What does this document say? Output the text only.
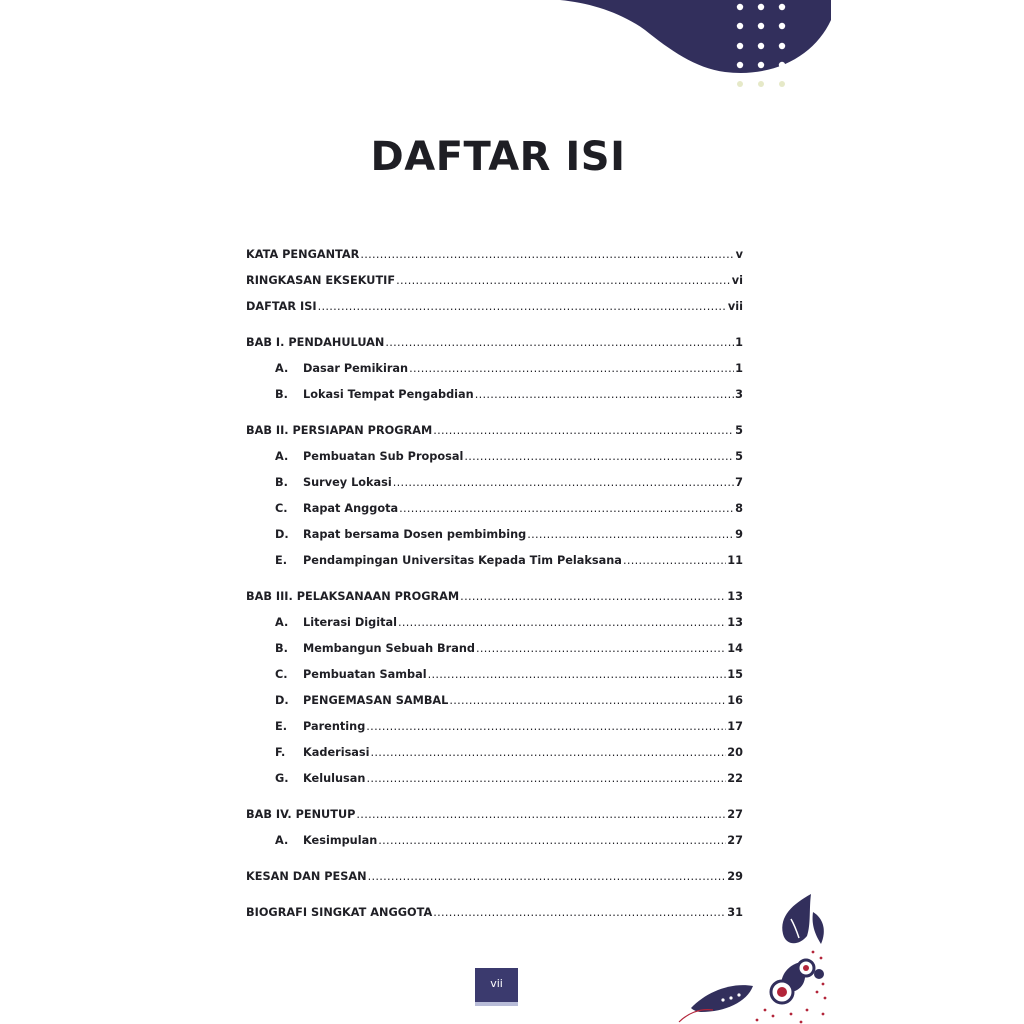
DAFTAR ISI
KATA PENGANTAR .....	v
RINGKASAN EKSEKUTIF .....	vi
DAFTAR ISI .....	vii
BAB I. PENDAHULUAN .....	1
A.	Dasar Pemikiran .....	1
B.	Lokasi Tempat Pengabdian .....	3
BAB II. PERSIAPAN PROGRAM .....	5
A.	Pembuatan Sub Proposal .....	5
B.	Survey Lokasi .....	7
C.	Rapat Anggota .....	8
D.	Rapat bersama Dosen pembimbing .....	9
E.	Pendampingan Universitas Kepada Tim Pelaksana .....	11
BAB III. PELAKSANAAN PROGRAM .....	13
A.	Literasi Digital .....	13
B.	Membangun Sebuah Brand .....	14
C.	Pembuatan Sambal .....	15
D.	PENGEMASAN SAMBAL .....	16
E.	Parenting .....	17
F.	Kaderisasi .....	20
G.	Kelulusan .....	22
BAB IV. PENUTUP .....	27
A.	Kesimpulan .....	27
KESAN DAN PESAN .....	29
BIOGRAFI SINGKAT ANGGOTA .....	31
vii
